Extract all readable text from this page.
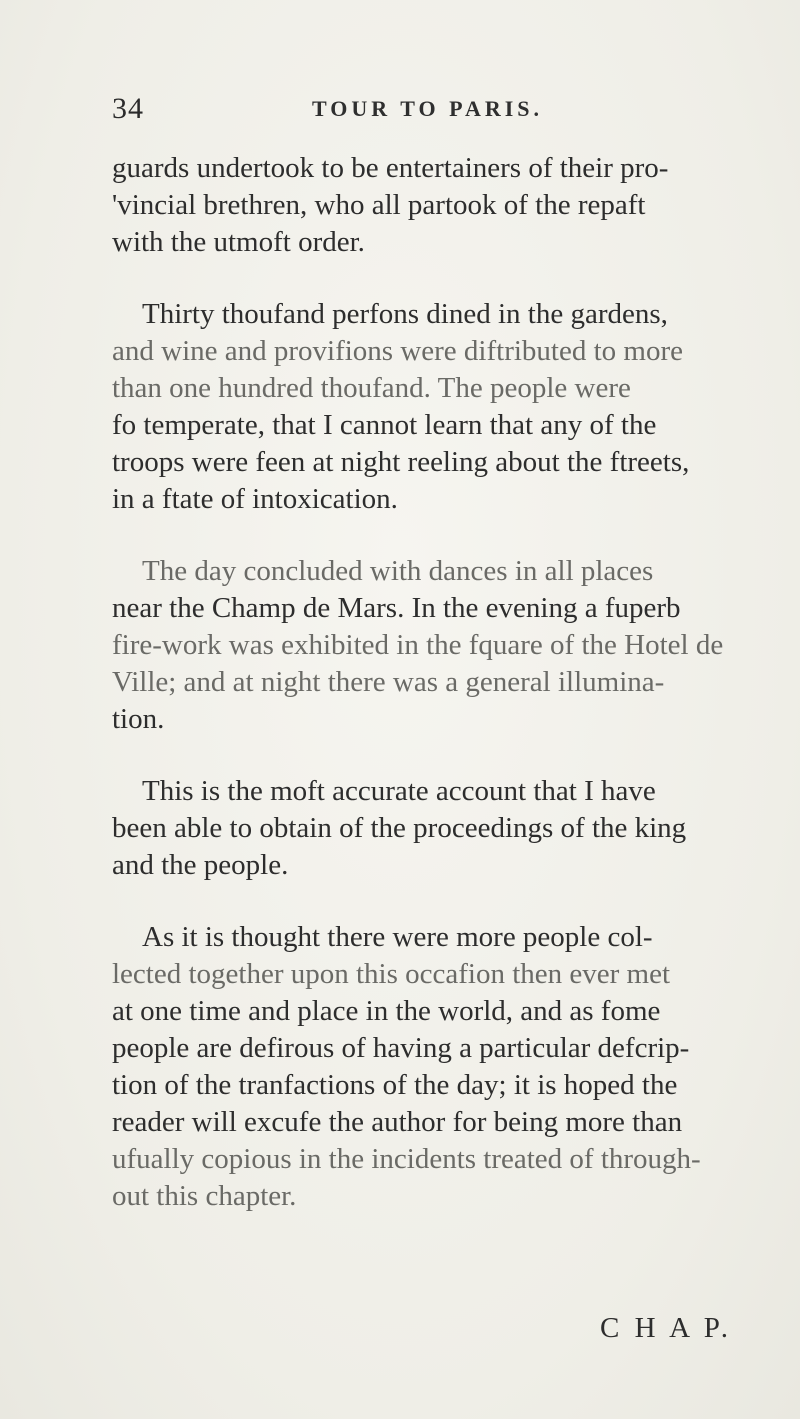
34	TOUR TO PARIS.

guards undertook to be entertainers of their pro-
'vincial brethren, who all partook of the repaft
with the utmoft order.

Thirty thoufand perfons dined in the gardens,
and wine and provifions were diftributed to more
than one hundred thoufand. The people were
fo temperate, that I cannot learn that any of the
troops were feen at night reeling about the ftreets,
in a ftate of intoxication.

The day concluded with dances in all places
near the Champ de Mars. In the evening a fuperb
fire-work was exhibited in the fquare of the Hotel de
Ville; and at night there was a general illumina-
tion.

This is the moft accurate account that I have
been able to obtain of the proceedings of the king
and the people.

As it is thought there were more people col-
lected together upon this occafion then ever met
at one time and place in the world, and as fome
people are defirous of having a particular defcrip-
tion of the tranfactions of the day; it is hoped the
reader will excufe the author for being more than
ufually copious in the incidents treated of through-
out this chapter.

C H A P.
